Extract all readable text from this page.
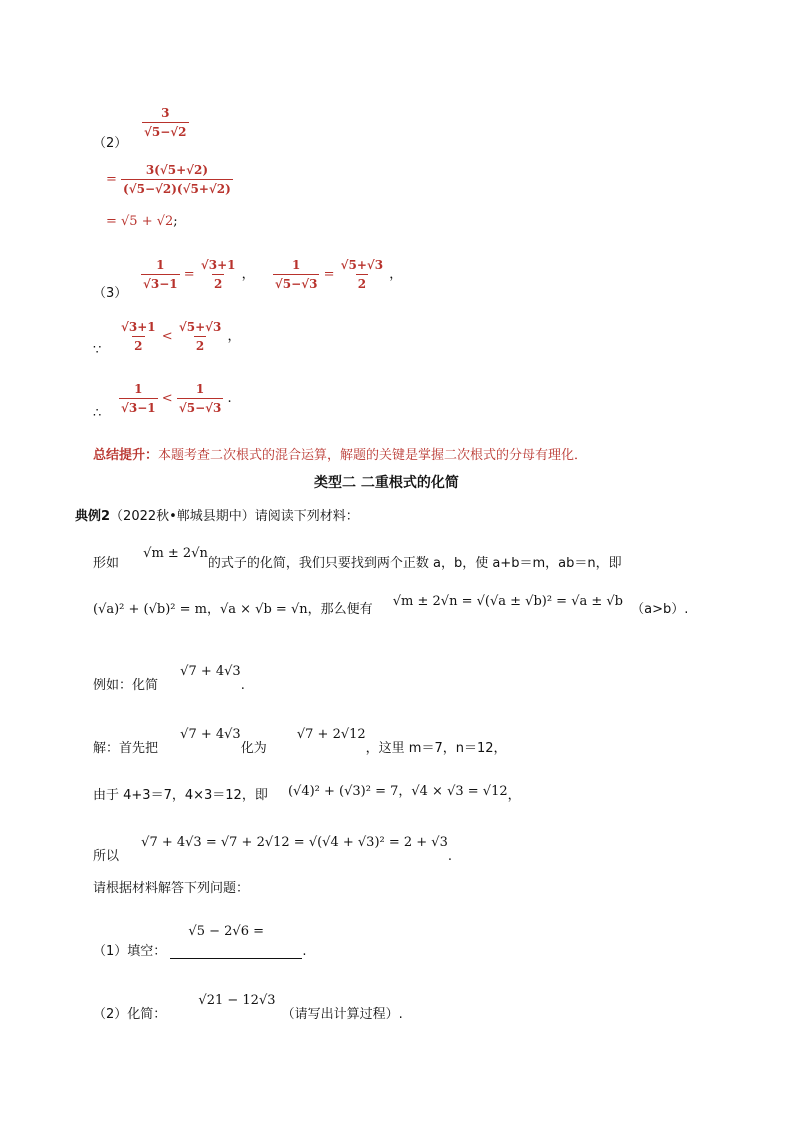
（2）
$\frac{3}{√5-√2}$
= $\frac{3(√5+√2)}{(√5-√2)(√5+√2)}$
= √5 + √2;
（3）
$\frac{1}{√3-1} = \frac{√3+1}{2}$ ， $\frac{1}{√5-√3} = \frac{√5+√3}{2}$ ，
∵ $\frac{√3+1}{2} < \frac{√5+√3}{2}$ ，
∴ $\frac{1}{√3-1} < \frac{1}{√5-√3}$ .
总结提升：本题考查二次根式的混合运算，解题的关键是掌握二次根式的分母有理化．
类型二 二重根式的化简
典例2（2022秋•郸城县期中）请阅读下列材料：
形如 √m ± 2√n的式子的化简，我们只要找到两个正数 a，b，使 a+b＝m，ab＝n，即
(√a)² + (√b)² = m，√a × √b = √n，那么便有 √m ± 2√n = √(√a ± √b)² = √a ± √b （a>b）.
例如：化简 √7 + 4√3.
解：首先把 √7 + 4√3化为 √7 + 2√12，这里 m＝7，n＝12，
由于 4+3＝7，4×3＝12，即 (√4)² + (√3)² = 7，√4 × √3 = √12，
所以 √7 + 4√3 = √7 + 2√12 = √(√4 + √3)² = 2 + √3.
请根据材料解答下列问题：
（1）填空：
√5 − 2√6 =
.
（2）化简： √21 − 12√3 （请写出计算过程）.
